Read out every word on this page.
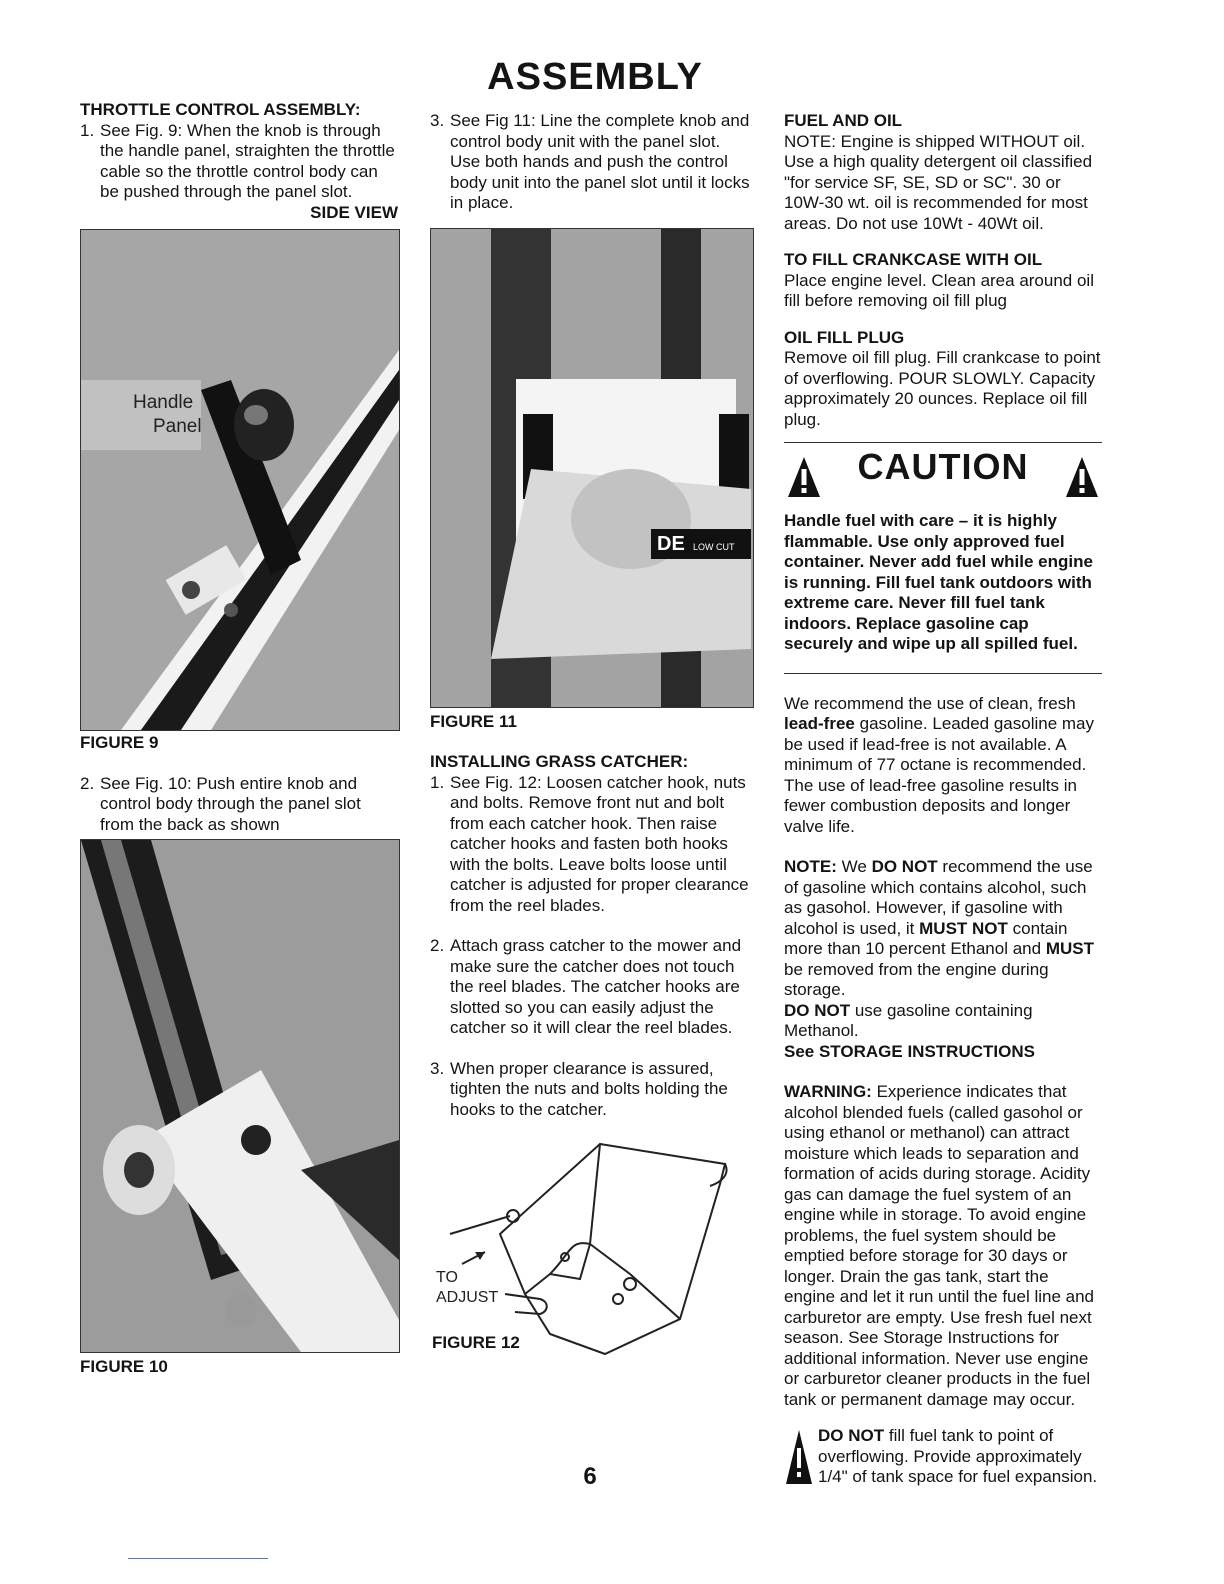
ASSEMBLY
THROTTLE CONTROL ASSEMBLY:
1. See Fig. 9: When the knob is through the handle panel, straighten the throttle cable so the throttle control body can be pushed through the panel slot.
SIDE VIEW
Handle Panel
FIGURE 9
2. See Fig. 10: Push entire knob and control body through the panel slot from the back as shown
FIGURE 10
3. See Fig 11: Line the complete knob and control body unit with the panel slot. Use both hands and push the control body unit into the panel slot until it locks in place.
DE LOW CUT
FIGURE 11
INSTALLING GRASS CATCHER:
1. See Fig. 12: Loosen catcher hook, nuts and bolts. Remove front nut and bolt from each catcher hook. Then raise catcher hooks and fasten both hooks with the bolts. Leave bolts loose until catcher is adjusted for proper clearance from the reel blades.
2. Attach grass catcher to the mower and make sure the catcher does not touch the reel blades. The catcher hooks are slotted so you can easily adjust the catcher so it will clear the reel blades.
3. When proper clearance is assured, tighten the nuts and bolts holding the hooks to the catcher.
TO
ADJUST
FIGURE 12
FUEL AND OIL

NOTE: Engine is shipped WITHOUT oil. Use a high quality detergent oil classified "for service SF, SE, SD or SC". 30 or 10W-30 wt. oil is recommended for most areas. Do not use 10Wt - 40Wt oil.

TO FILL CRANKCASE WITH OIL

Place engine level. Clean area around oil fill before removing oil fill plug

OIL FILL PLUG

Remove oil fill plug. Fill crankcase to point of overflowing. POUR SLOWLY. Capacity approximately 20 ounces. Replace oil fill plug.

CAUTION

Handle fuel with care – it is highly flammable. Use only approved fuel container. Never add fuel while engine is running. Fill fuel tank outdoors with extreme care. Never fill fuel tank indoors. Replace gasoline cap securely and wipe up all spilled fuel.

We recommend the use of clean, fresh lead-free gasoline. Leaded gasoline may be used if lead-free is not available. A minimum of 77 octane is recommended. The use of lead-free gasoline results in fewer combustion deposits and longer valve life.

NOTE: We DO NOT recommend the use of gasoline which contains alcohol, such as gasohol. However, if gasoline with alcohol is used, it MUST NOT contain more than 10 percent Ethanol and MUST be removed from the engine during storage.

DO NOT use gasoline containing Methanol.

See STORAGE INSTRUCTIONS

WARNING: Experience indicates that alcohol blended fuels (called gasohol or using ethanol or methanol) can attract moisture which leads to separation and formation of acids during storage. Acidity gas can damage the fuel system of an engine while in storage. To avoid engine problems, the fuel system should be emptied before storage for 30 days or longer. Drain the gas tank, start the engine and let it run until the fuel line and carburetor are empty. Use fresh fuel next season. See Storage Instructions for additional information. Never use engine or carburetor cleaner products in the fuel tank or permanent damage may occur.

DO NOT fill fuel tank to point of overflowing. Provide approximately 1/4" of tank space for fuel expansion.

6
